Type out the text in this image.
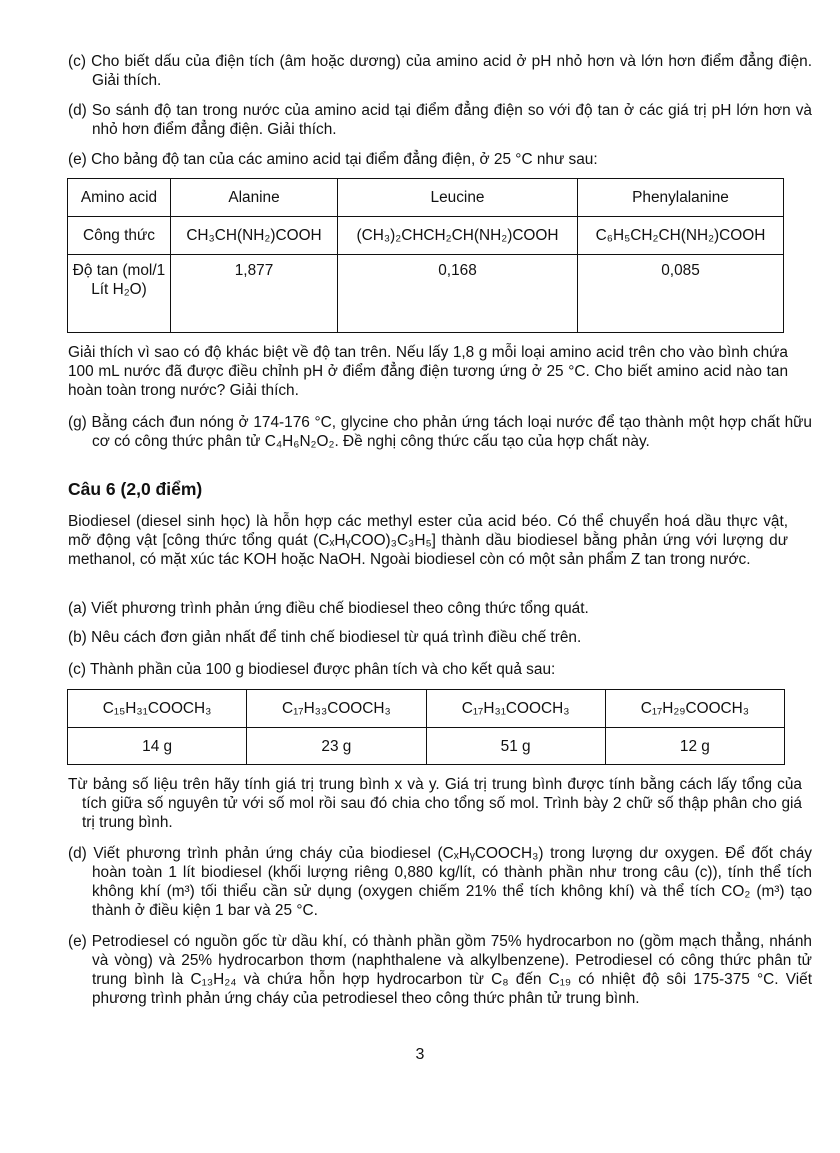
(c) Cho biết dấu của điện tích (âm hoặc dương) của amino acid ở pH nhỏ hơn và lớn hơn điểm đẳng điện. Giải thích.
(d) So sánh độ tan trong nước của amino acid tại điểm đẳng điện so với độ tan ở các giá trị pH lớn hơn và nhỏ hơn điểm đẳng điện. Giải thích.
(e) Cho bảng độ tan của các amino acid tại điểm đẳng điện, ở 25 °C như sau:
Amino acid	Alanine	Leucine	Phenylalanine
Công thức	CH₃CH(NH₂)COOH	(CH₃)₂CHCH₂CH(NH₂)COOH	C₆H₅CH₂CH(NH₂)COOH
Độ tan (mol/1 Lít H₂O)	1,877	0,168	0,085
Giải thích vì sao có độ khác biệt về độ tan trên. Nếu lấy 1,8 g mỗi loại amino acid trên cho vào bình chứa 100 mL nước đã được điều chỉnh pH ở điểm đẳng điện tương ứng ở 25 °C. Cho biết amino acid nào tan hoàn toàn trong nước? Giải thích.
(g) Bằng cách đun nóng ở 174-176 °C, glycine cho phản ứng tách loại nước để tạo thành một hợp chất hữu cơ có công thức phân tử C₄H₆N₂O₂. Đề nghị công thức cấu tạo của hợp chất này.
Câu 6 (2,0 điểm)
Biodiesel (diesel sinh học) là hỗn hợp các methyl ester của acid béo. Có thể chuyển hoá dầu thực vật, mỡ động vật [công thức tổng quát (CₓHᵧCOO)₃C₃H₅] thành dầu biodiesel bằng phản ứng với lượng dư methanol, có mặt xúc tác KOH hoặc NaOH. Ngoài biodiesel còn có một sản phẩm Z tan trong nước.
(a) Viết phương trình phản ứng điều chế biodiesel theo công thức tổng quát.
(b) Nêu cách đơn giản nhất để tinh chế biodiesel từ quá trình điều chế trên.
(c) Thành phần của 100 g biodiesel được phân tích và cho kết quả sau:
C₁₅H₃₁COOCH₃	C₁₇H₃₃COOCH₃	C₁₇H₃₁COOCH₃	C₁₇H₂₉COOCH₃
14 g	23 g	51 g	12 g
Từ bảng số liệu trên hãy tính giá trị trung bình x và y. Giá trị trung bình được tính bằng cách lấy tổng của tích giữa số nguyên tử với số mol rồi sau đó chia cho tổng số mol. Trình bày 2 chữ số thập phân cho giá trị trung bình.
(d) Viết phương trình phản ứng cháy của biodiesel (CₓHᵧCOOCH₃) trong lượng dư oxygen. Để đốt cháy hoàn toàn 1 lít biodiesel (khối lượng riêng 0,880 kg/lít, có thành phần như trong câu (c)), tính thể tích không khí (m³) tối thiểu cần sử dụng (oxygen chiếm 21% thể tích không khí) và thể tích CO₂ (m³) tạo thành ở điều kiện 1 bar và 25 °C.
(e) Petrodiesel có nguồn gốc từ dầu khí, có thành phần gồm 75% hydrocarbon no (gồm mạch thẳng, nhánh và vòng) và 25% hydrocarbon thơm (naphthalene và alkylbenzene). Petrodiesel có công thức phân tử trung bình là C₁₃H₂₄ và chứa hỗn hợp hydrocarbon từ C₈ đến C₁₉ có nhiệt độ sôi 175-375 °C. Viết phương trình phản ứng cháy của petrodiesel theo công thức phân tử trung bình.
3
